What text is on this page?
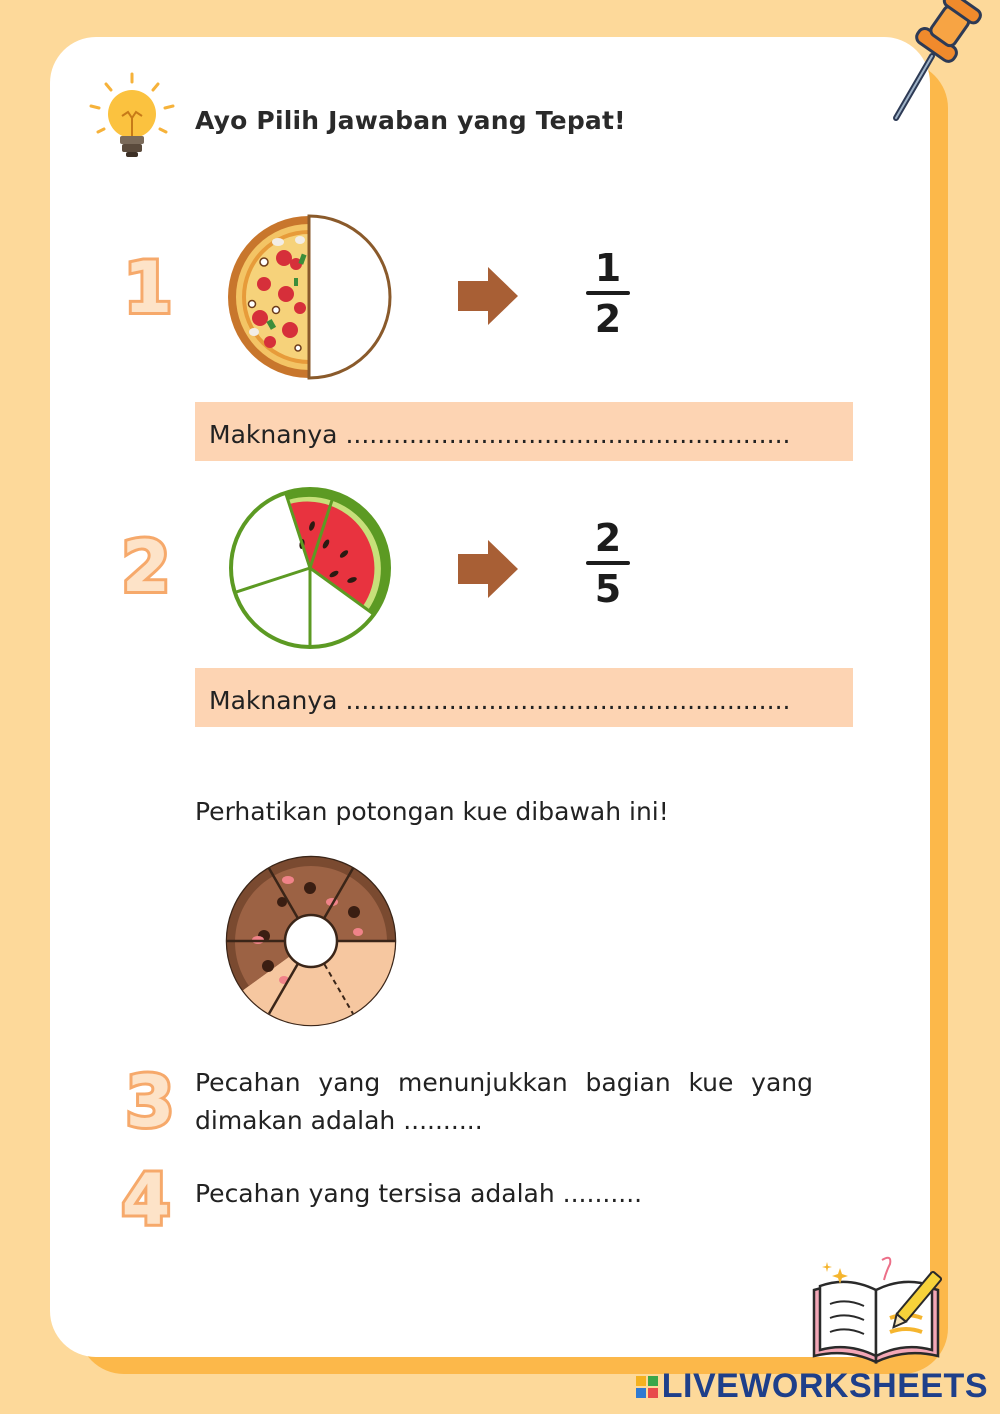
Ayo Pilih Jawaban yang Tepat!
1	1
2
Maknanya ........................................................
2	2
5
Maknanya ........................................................
Perhatikan potongan kue dibawah ini!
3 Pecahan yang menunjukkan bagian kue yang dimakan adalah ..........
4 Pecahan yang tersisa adalah ..........
LIVEWORKSHEETS
